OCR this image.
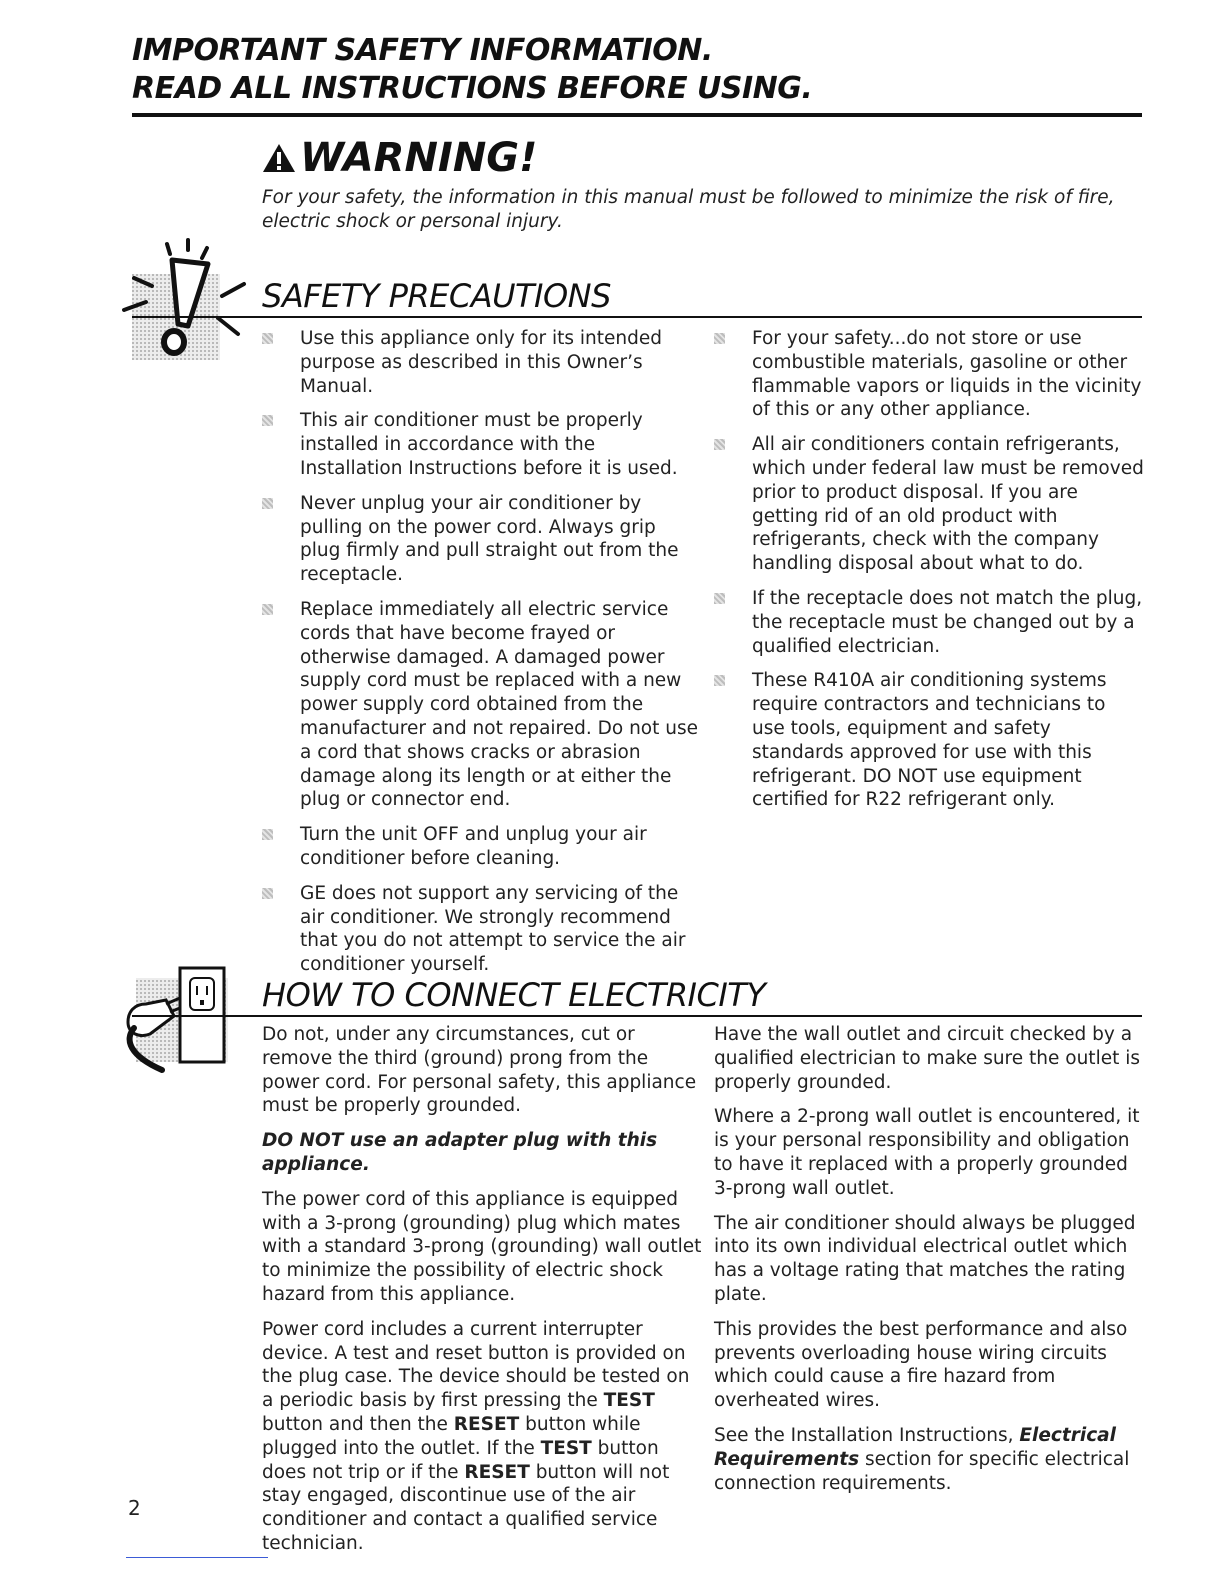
IMPORTANT SAFETY INFORMATION.
READ ALL INSTRUCTIONS BEFORE USING.
WARNING!
For your safety, the information in this manual must be followed to minimize the risk of fire, electric shock or personal injury.
SAFETY PRECAUTIONS
Use this appliance only for its intended purpose as described in this Owner’s Manual.
This air conditioner must be properly installed in accordance with the Installation Instructions before it is used.
Never unplug your air conditioner by pulling on the power cord. Always grip plug firmly and pull straight out from the receptacle.
Replace immediately all electric service cords that have become frayed or otherwise damaged. A damaged power supply cord must be replaced with a new power supply cord obtained from the manufacturer and not repaired. Do not use a cord that shows cracks or abrasion damage along its length or at either the plug or connector end.
Turn the unit OFF and unplug your air conditioner before cleaning.
GE does not support any servicing of the air conditioner. We strongly recommend that you do not attempt to service the air conditioner yourself.
For your safety...do not store or use combustible materials, gasoline or other flammable vapors or liquids in the vicinity of this or any other appliance.
All air conditioners contain refrigerants, which under federal law must be removed prior to product disposal. If you are getting rid of an old product with refrigerants, check with the company handling disposal about what to do.
If the receptacle does not match the plug, the receptacle must be changed out by a qualified electrician.
These R410A air conditioning systems require contractors and technicians to use tools, equipment and safety standards approved for use with this refrigerant. DO NOT use equipment certified for R22 refrigerant only.
HOW TO CONNECT ELECTRICITY

Do not, under any circumstances, cut or remove the third (ground) prong from the power cord. For personal safety, this appliance must be properly grounded.

DO NOT use an adapter plug with this appliance.

The power cord of this appliance is equipped with a 3-prong (grounding) plug which mates with a standard 3-prong (grounding) wall outlet to minimize the possibility of electric shock hazard from this appliance.

Power cord includes a current interrupter device. A test and reset button is provided on the plug case. The device should be tested on a periodic basis by first pressing the TEST button and then the RESET button while plugged into the outlet. If the TEST button does not trip or if the RESET button will not stay engaged, discontinue use of the air conditioner and contact a qualified service technician.

Have the wall outlet and circuit checked by a qualified electrician to make sure the outlet is properly grounded.

Where a 2-prong wall outlet is encountered, it is your personal responsibility and obligation to have it replaced with a properly grounded 3-prong wall outlet.

The air conditioner should always be plugged into its own individual electrical outlet which has a voltage rating that matches the rating plate.

This provides the best performance and also prevents overloading house wiring circuits which could cause a fire hazard from overheated wires.

See the Installation Instructions, Electrical Requirements section for specific electrical connection requirements.

2
